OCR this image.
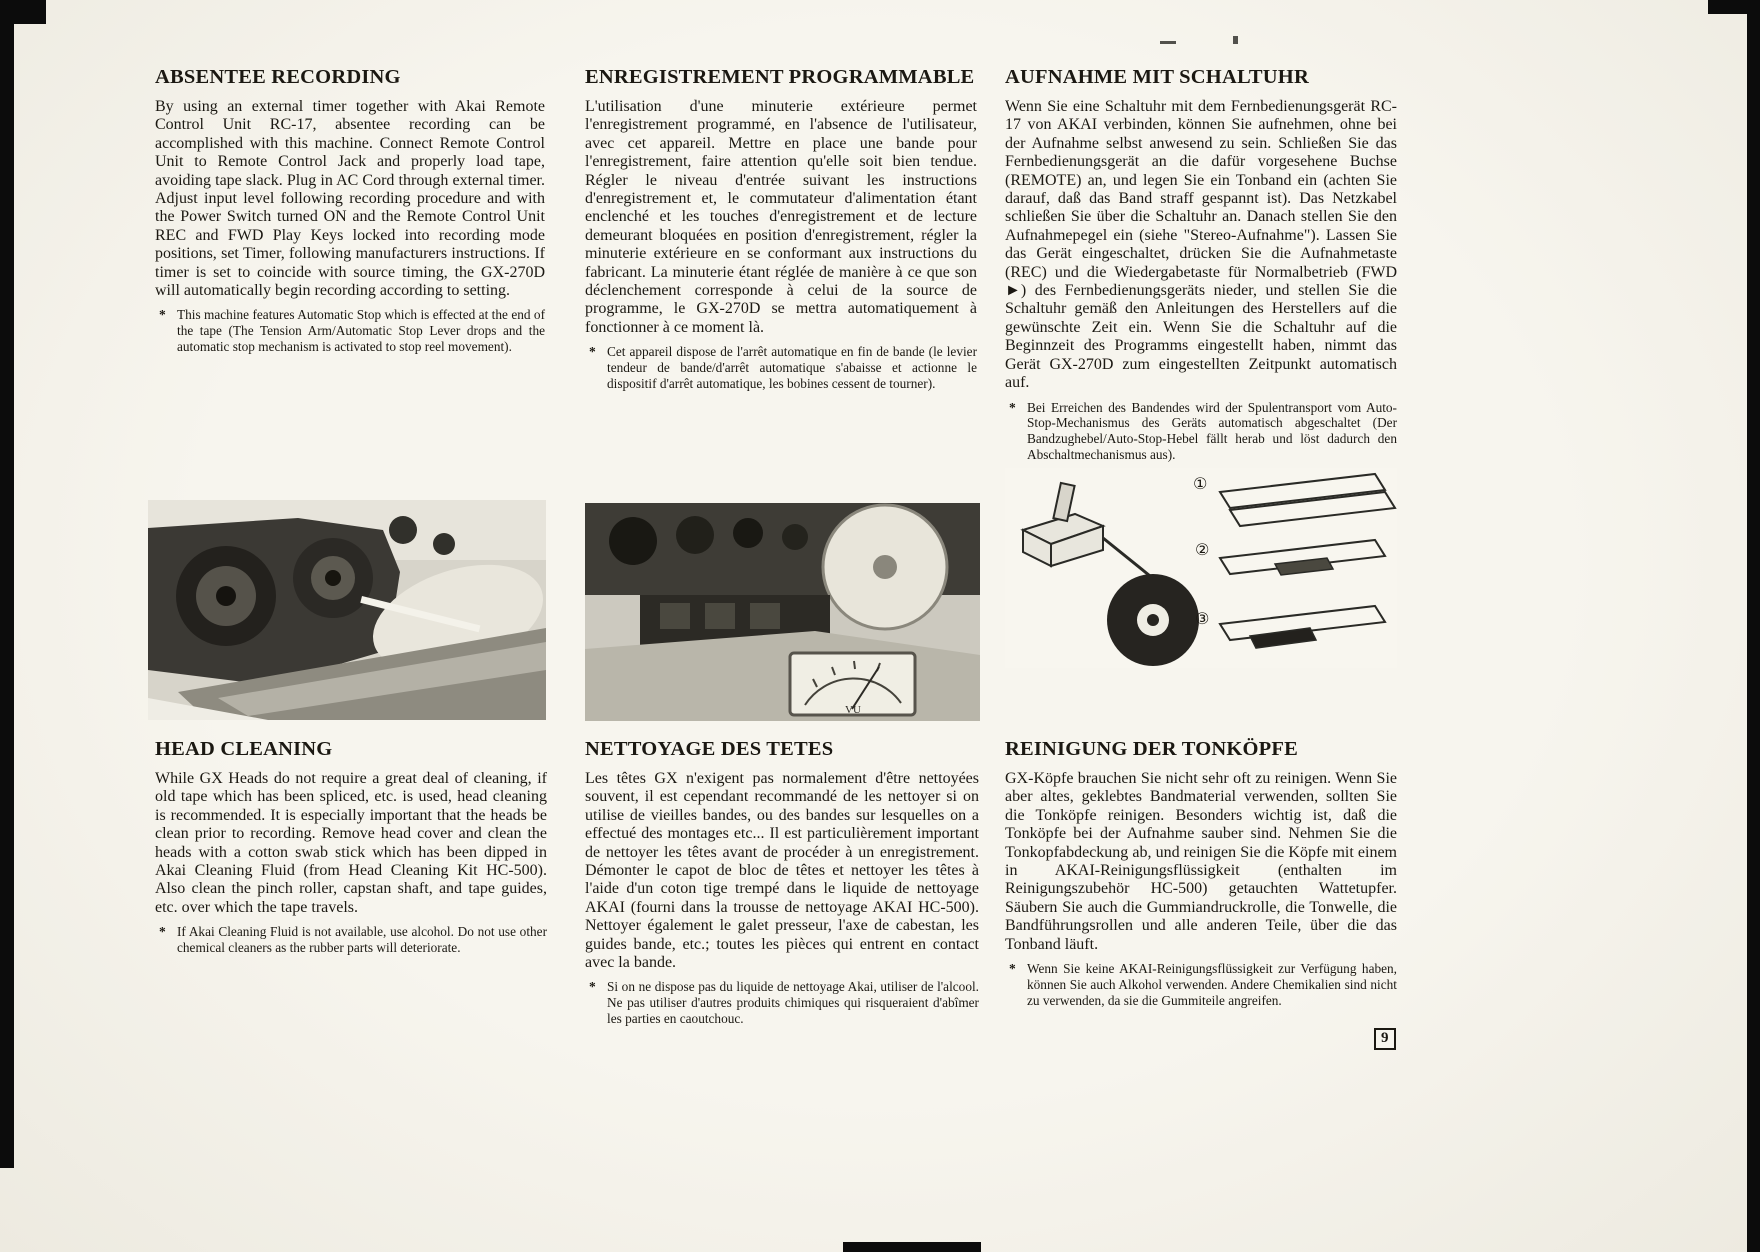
ABSENTEE RECORDING

By using an external timer together with Akai Remote Control Unit RC-17, absentee recording can be accomplished with this machine. Connect Remote Control Unit to Remote Control Jack and properly load tape, avoiding tape slack. Plug in AC Cord through external timer. Adjust input level following recording procedure and with the Power Switch turned ON and the Remote Control Unit REC and FWD Play Keys locked into recording mode positions, set Timer, following manufacturers instructions. If timer is set to coincide with source timing, the GX-270D will automatically begin recording according to setting.

* This machine features Automatic Stop which is effected at the end of the tape (The Tension Arm/Automatic Stop Lever drops and the automatic stop mechanism is activated to stop reel movement).

ENREGISTREMENT PROGRAMMABLE

L'utilisation d'une minuterie extérieure permet l'enregistrement programmé, en l'absence de l'utilisateur, avec cet appareil. Mettre en place une bande pour l'enregistrement, faire attention qu'elle soit bien tendue. Régler le niveau d'entrée suivant les instructions d'enregistrement et, le commutateur d'alimentation étant enclenché et les touches d'enregistrement et de lecture demeurant bloquées en position d'enregistrement, régler la minuterie extérieure en se conformant aux instructions du fabricant. La minuterie étant réglée de manière à ce que son déclenchement corresponde à celui de la source de programme, le GX-270D se mettra automatiquement à fonctionner à ce moment là.

* Cet appareil dispose de l'arrêt automatique en fin de bande (le levier tendeur de bande/d'arrêt automatique s'abaisse et actionne le dispositif d'arrêt automatique, les bobines cessent de tourner).

AUFNAHME MIT SCHALTUHR

Wenn Sie eine Schaltuhr mit dem Fernbedienungsgerät RC-17 von AKAI verbinden, können Sie aufnehmen, ohne bei der Aufnahme selbst anwesend zu sein. Schließen Sie das Fernbedienungsgerät an die dafür vorgesehene Buchse (REMOTE) an, und legen Sie ein Tonband ein (achten Sie darauf, daß das Band straff gespannt ist). Das Netzkabel schließen Sie über die Schaltuhr an. Danach stellen Sie den Aufnahmepegel ein (siehe "Stereo-Aufnahme"). Lassen Sie das Gerät eingeschaltet, drücken Sie die Aufnahmetaste (REC) und die Wiedergabetaste für Normalbetrieb (FWD ►) des Fernbedienungsgeräts nieder, und stellen Sie die Schaltuhr gemäß den Anleitungen des Herstellers auf die gewünschte Zeit ein. Wenn Sie die Schaltuhr auf die Beginnzeit des Programms eingestellt haben, nimmt das Gerät GX-270D zum eingestellten Zeitpunkt automatisch auf.

* Bei Erreichen des Bandendes wird der Spulentransport vom Auto-Stop-Mechanismus des Geräts automatisch abgeschaltet (Der Bandzughebel/Auto-Stop-Hebel fällt herab und löst dadurch den Abschaltmechanismus aus).

VU
①
②
③
HEAD CLEANING

While GX Heads do not require a great deal of cleaning, if old tape which has been spliced, etc. is used, head cleaning is recommended. It is especially important that the heads be clean prior to recording. Remove head cover and clean the heads with a cotton swab stick which has been dipped in Akai Cleaning Fluid (from Head Cleaning Kit HC-500). Also clean the pinch roller, capstan shaft, and tape guides, etc. over which the tape travels.

* If Akai Cleaning Fluid is not available, use alcohol. Do not use other chemical cleaners as the rubber parts will deteriorate.

NETTOYAGE DES TETES

Les têtes GX n'exigent pas normalement d'être nettoyées souvent, il est cependant recommandé de les nettoyer si on utilise de vieilles bandes, ou des bandes sur lesquelles on a effectué des montages etc... Il est particulièrement important de nettoyer les têtes avant de procéder à un enregistrement. Démonter le capot de bloc de têtes et nettoyer les têtes à l'aide d'un coton tige trempé dans le liquide de nettoyage AKAI (fourni dans la trousse de nettoyage AKAI HC-500). Nettoyer également le galet presseur, l'axe de cabestan, les guides bande, etc.; toutes les pièces qui entrent en contact avec la bande.

* Si on ne dispose pas du liquide de nettoyage Akai, utiliser de l'alcool. Ne pas utiliser d'autres produits chimiques qui risqueraient d'abîmer les parties en caoutchouc.

REINIGUNG DER TONKÖPFE

GX-Köpfe brauchen Sie nicht sehr oft zu reinigen. Wenn Sie aber altes, geklebtes Bandmaterial verwenden, sollten Sie die Tonköpfe reinigen. Besonders wichtig ist, daß die Tonköpfe bei der Aufnahme sauber sind. Nehmen Sie die Tonkopfabdeckung ab, und reinigen Sie die Köpfe mit einem in AKAI-Reinigungsflüssigkeit (enthalten im Reinigungszubehör HC-500) getauchten Wattetupfer. Säubern Sie auch die Gummiandruckrolle, die Tonwelle, die Bandführungsrollen und alle anderen Teile, über die das Tonband läuft.

* Wenn Sie keine AKAI-Reinigungsflüssigkeit zur Verfügung haben, können Sie auch Alkohol verwenden. Andere Chemikalien sind nicht zu verwenden, da sie die Gummiteile angreifen.

9
